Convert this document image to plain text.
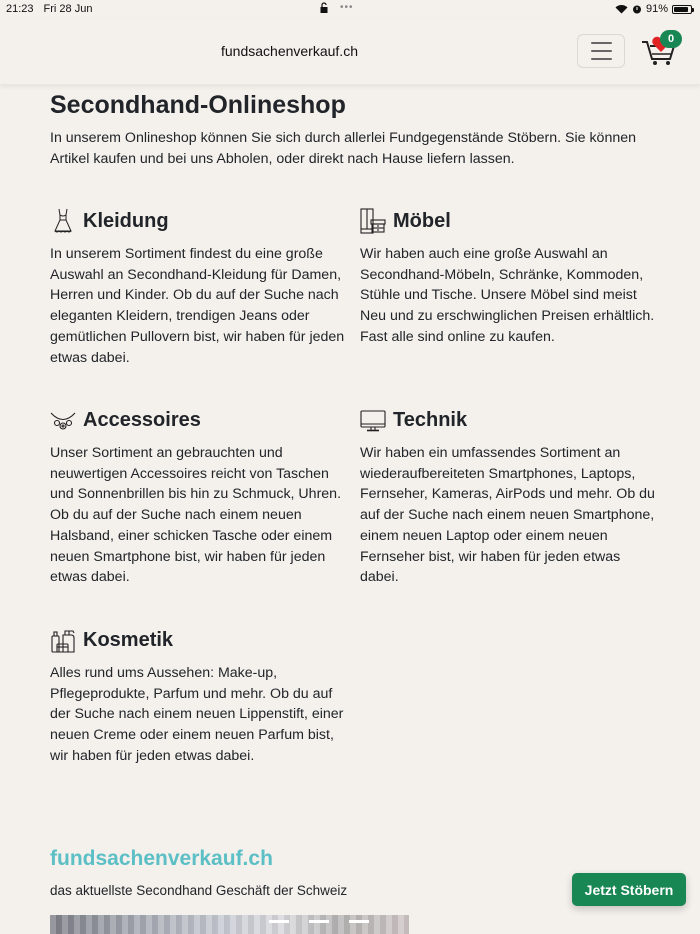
21:23 Fri 28 Jun	•••	91%
fundsachenverkauf.ch
0
Secondhand-Onlineshop

In unserem Onlineshop können Sie sich durch allerlei Fundgegenstände Stöbern. Sie können Artikel kaufen und bei uns Abholen, oder direkt nach Hause liefern lassen.

Kleidung

In unserem Sortiment findest du eine große Auswahl an Secondhand-Kleidung für Damen, Herren und Kinder. Ob du auf der Suche nach eleganten Kleidern, trendigen Jeans oder gemütlichen Pullovern bist, wir haben für jeden etwas dabei.

Möbel

Wir haben auch eine große Auswahl an Secondhand-Möbeln, Schränke, Kommoden, Stühle und Tische. Unsere Möbel sind meist Neu und zu erschwinglichen Preisen erhältlich. Fast alle sind online zu kaufen.

Accessoires

Unser Sortiment an gebrauchten und neuwertigen Accessoires reicht von Taschen und Sonnenbrillen bis hin zu Schmuck, Uhren. Ob du auf der Suche nach einem neuen Halsband, einer schicken Tasche oder einem neuen Smartphone bist, wir haben für jeden etwas dabei.

Technik

Wir haben ein umfassendes Sortiment an wiederaufbereiteten Smartphones, Laptops, Fernseher, Kameras, AirPods und mehr. Ob du auf der Suche nach einem neuen Smartphone, einem neuen Laptop oder einem neuen Fernseher bist, wir haben für jeden etwas dabei.

Kosmetik

Alles rund ums Aussehen: Make-up, Pflegeprodukte, Parfum und mehr. Ob du auf der Suche nach einem neuen Lippenstift, einer neuen Creme oder einem neuen Parfum bist, wir haben für jeden etwas dabei.

fundsachenverkauf.ch

das aktuellste Secondhand Geschäft der Schweiz	Jetzt Stöbern
